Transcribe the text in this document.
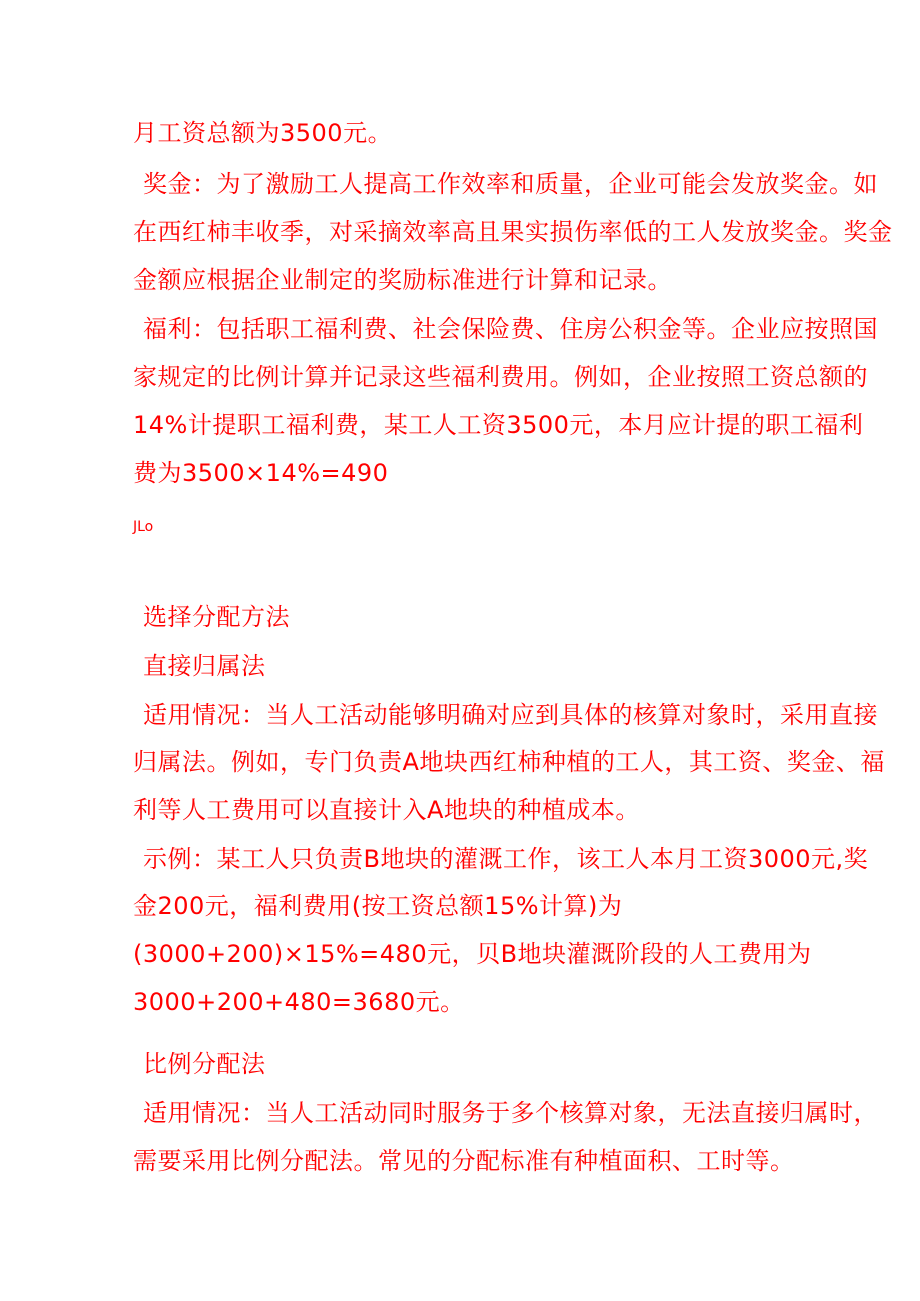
月工资总额为3500元。
奖金：为了激励工人提高工作效率和质量，企业可能会发放奖金。如
在西红柿丰收季，对采摘效率高且果实损伤率低的工人发放奖金。奖金
金额应根据企业制定的奖励标准进行计算和记录。
福利：包括职工福利费、社会保险费、住房公积金等。企业应按照国
家规定的比例计算并记录这些福利费用。例如，企业按照工资总额的
14%计提职工福利费，某工人工资3500元，本月应计提的职工福利
费为3500×14%=490
JLo
选择分配方法
直接归属法
适用情况：当人工活动能够明确对应到具体的核算对象时，采用直接
归属法。例如，专门负责A地块西红柿种植的工人，其工资、奖金、福
利等人工费用可以直接计入A地块的种植成本。
示例：某工人只负责B地块的灌溉工作，该工人本月工资3000元,奖
金200元，福利费用(按工资总额15%计算)为
(3000+200)×15%=480元，贝B地块灌溉阶段的人工费用为
3000+200+480=3680元。
比例分配法
适用情况：当人工活动同时服务于多个核算对象，无法直接归属时，
需要采用比例分配法。常见的分配标准有种植面积、工时等。
